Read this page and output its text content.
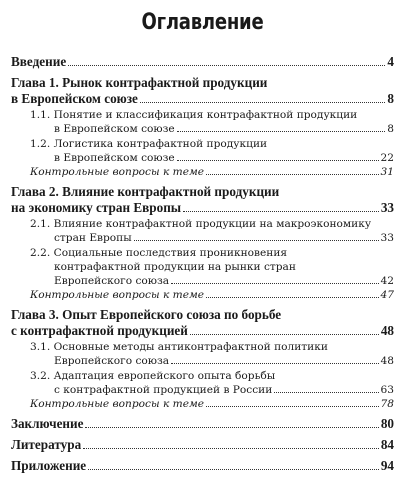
Оглавление
Введение	4
Глава 1. Рынок контрафактной продукции
в Европейском союзе	8
1.1. Понятие и классификация контрафактной продукции
в Европейском союзе	8
1.2. Логистика контрафактной продукции
в Европейском союзе	22
Контрольные вопросы к теме	31
Глава 2. Влияние контрафактной продукции
на экономику стран Европы	33
2.1. Влияние контрафактной продукции на макроэкономику
стран Европы	33
2.2. Социальные последствия проникновения
контрафактной продукции на рынки стран
Европейского союза	42
Контрольные вопросы к теме	47
Глава 3. Опыт Европейского союза по борьбе
с контрафактной продукцией	48
3.1. Основные методы антиконтрафактной политики
Европейского союза	48
3.2. Адаптация европейского опыта борьбы
с контрафактной продукцией в России	63
Контрольные вопросы к теме	78
Заключение	80
Литература	84
Приложение	94
